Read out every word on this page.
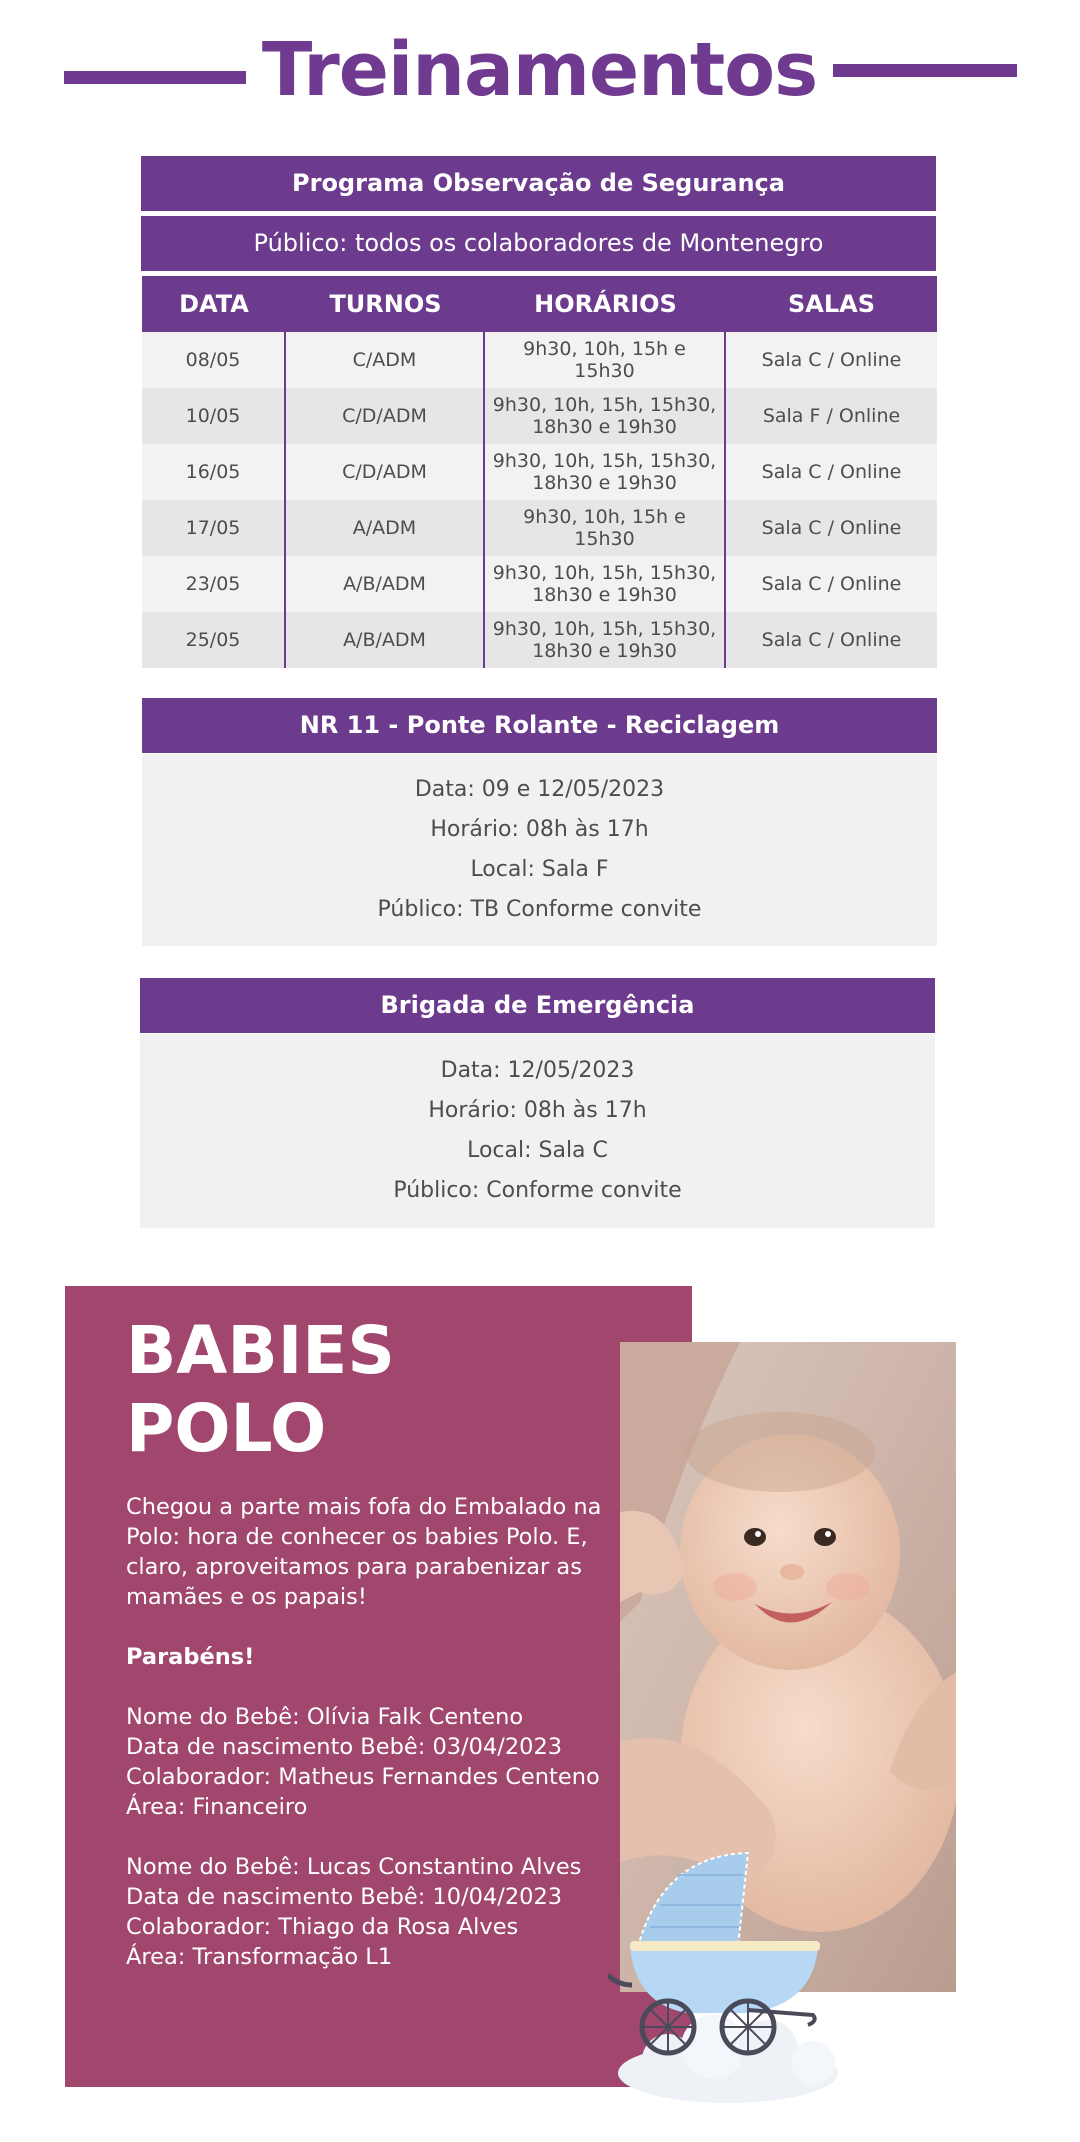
Treinamentos
Programa Observação de Segurança
Público: todos os colaboradores de Montenegro
DATA	TURNOS	HORÁRIOS	SALAS
08/05	C/ADM	9h30, 10h, 15h e 15h30	Sala C / Online
10/05	C/D/ADM	9h30, 10h, 15h, 15h30, 18h30 e 19h30	Sala F / Online
16/05	C/D/ADM	9h30, 10h, 15h, 15h30, 18h30 e 19h30	Sala C / Online
17/05	A/ADM	9h30, 10h, 15h e 15h30	Sala C / Online
23/05	A/B/ADM	9h30, 10h, 15h, 15h30, 18h30 e 19h30	Sala C / Online
25/05	A/B/ADM	9h30, 10h, 15h, 15h30, 18h30 e 19h30	Sala C / Online
NR 11 - Ponte Rolante - Reciclagem
Data: 09 e 12/05/2023
Horário: 08h às 17h
Local: Sala F
Público: TB Conforme convite
Brigada de Emergência
Data: 12/05/2023
Horário: 08h às 17h
Local: Sala C
Público: Conforme convite
BABIES
POLO

Chegou a parte mais fofa do Embalado na Polo: hora de conhecer os babies Polo. E, claro, aproveitamos para parabenizar as mamães e os papais!

Parabéns!

Nome do Bebê: Olívia Falk Centeno

Data de nascimento Bebê: 03/04/2023

Colaborador: Matheus Fernandes Centeno

Área: Financeiro

Nome do Bebê: Lucas Constantino Alves

Data de nascimento Bebê: 10/04/2023

Colaborador: Thiago da Rosa Alves

Área: Transformação L1
